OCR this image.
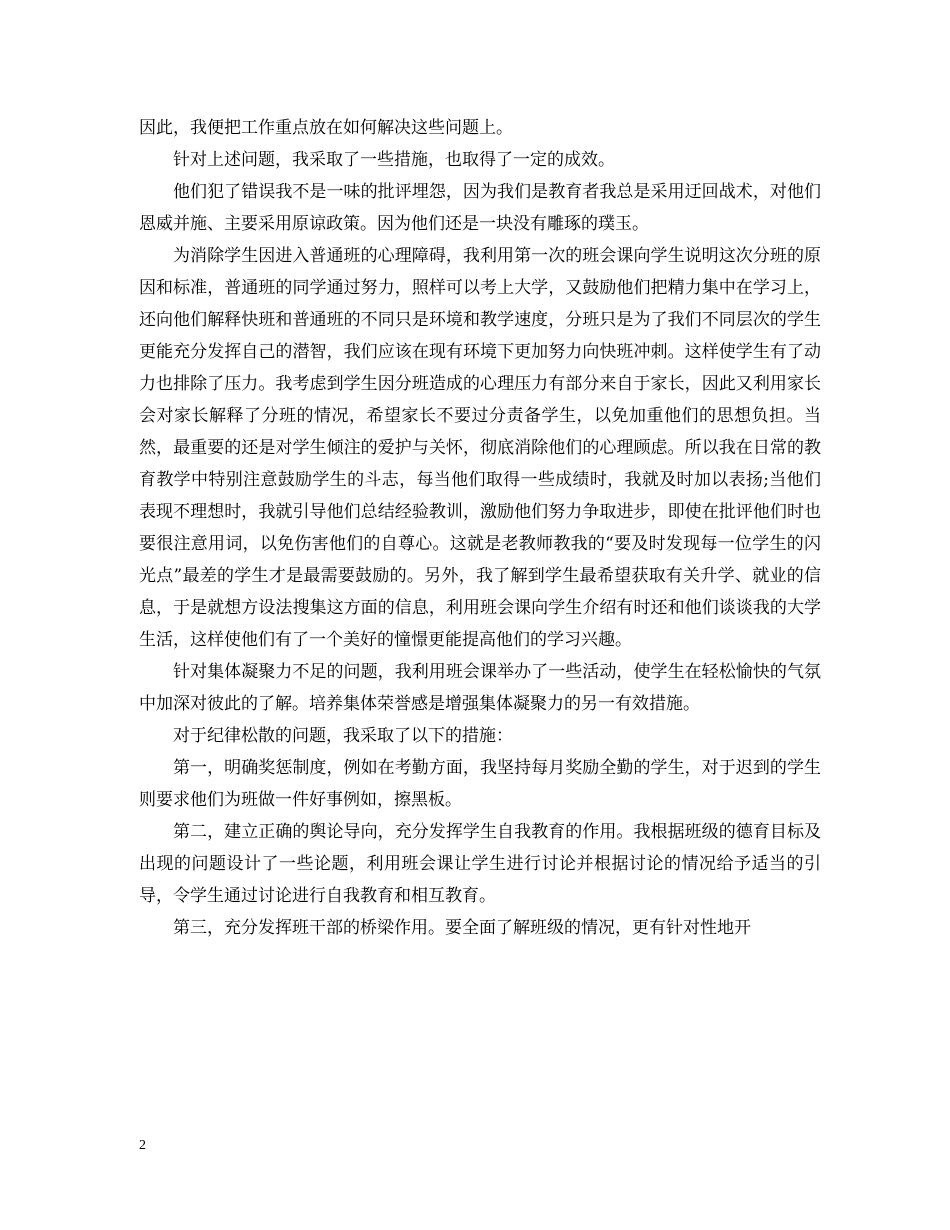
因此，我便把工作重点放在如何解决这些问题上。

针对上述问题，我采取了一些措施，也取得了一定的成效。

他们犯了错误我不是一味的批评埋怨，因为我们是教育者我总是采用迂回战术，对他们恩威并施、主要采用原谅政策。因为他们还是一块没有雕琢的璞玉。

为消除学生因进入普通班的心理障碍，我利用第一次的班会课向学生说明这次分班的原因和标准，普通班的同学通过努力，照样可以考上大学，又鼓励他们把精力集中在学习上，还向他们解释快班和普通班的不同只是环境和教学速度，分班只是为了我们不同层次的学生更能充分发挥自己的潜智，我们应该在现有环境下更加努力向快班冲刺。这样使学生有了动力也排除了压力。我考虑到学生因分班造成的心理压力有部分来自于家长，因此又利用家长会对家长解释了分班的情况，希望家长不要过分责备学生，以免加重他们的思想负担。当然，最重要的还是对学生倾注的爱护与关怀，彻底消除他们的心理顾虑。所以我在日常的教育教学中特别注意鼓励学生的斗志，每当他们取得一些成绩时，我就及时加以表扬;当他们表现不理想时，我就引导他们总结经验教训，激励他们努力争取进步，即使在批评他们时也要很注意用词，以免伤害他们的自尊心。这就是老教师教我的“要及时发现每一位学生的闪光点”最差的学生才是最需要鼓励的。另外，我了解到学生最希望获取有关升学、就业的信息，于是就想方设法搜集这方面的信息，利用班会课向学生介绍有时还和他们谈谈我的大学生活，这样使他们有了一个美好的憧憬更能提高他们的学习兴趣。

针对集体凝聚力不足的问题，我利用班会课举办了一些活动，使学生在轻松愉快的气氛中加深对彼此的了解。培养集体荣誉感是增强集体凝聚力的另一有效措施。

对于纪律松散的问题，我采取了以下的措施：

第一，明确奖惩制度，例如在考勤方面，我坚持每月奖励全勤的学生，对于迟到的学生则要求他们为班做一件好事例如，擦黑板。

第二，建立正确的舆论导向，充分发挥学生自我教育的作用。我根据班级的德育目标及出现的问题设计了一些论题，利用班会课让学生进行讨论并根据讨论的情况给予适当的引导，令学生通过讨论进行自我教育和相互教育。

第三，充分发挥班干部的桥梁作用。要全面了解班级的情况，更有针对性地开

2
